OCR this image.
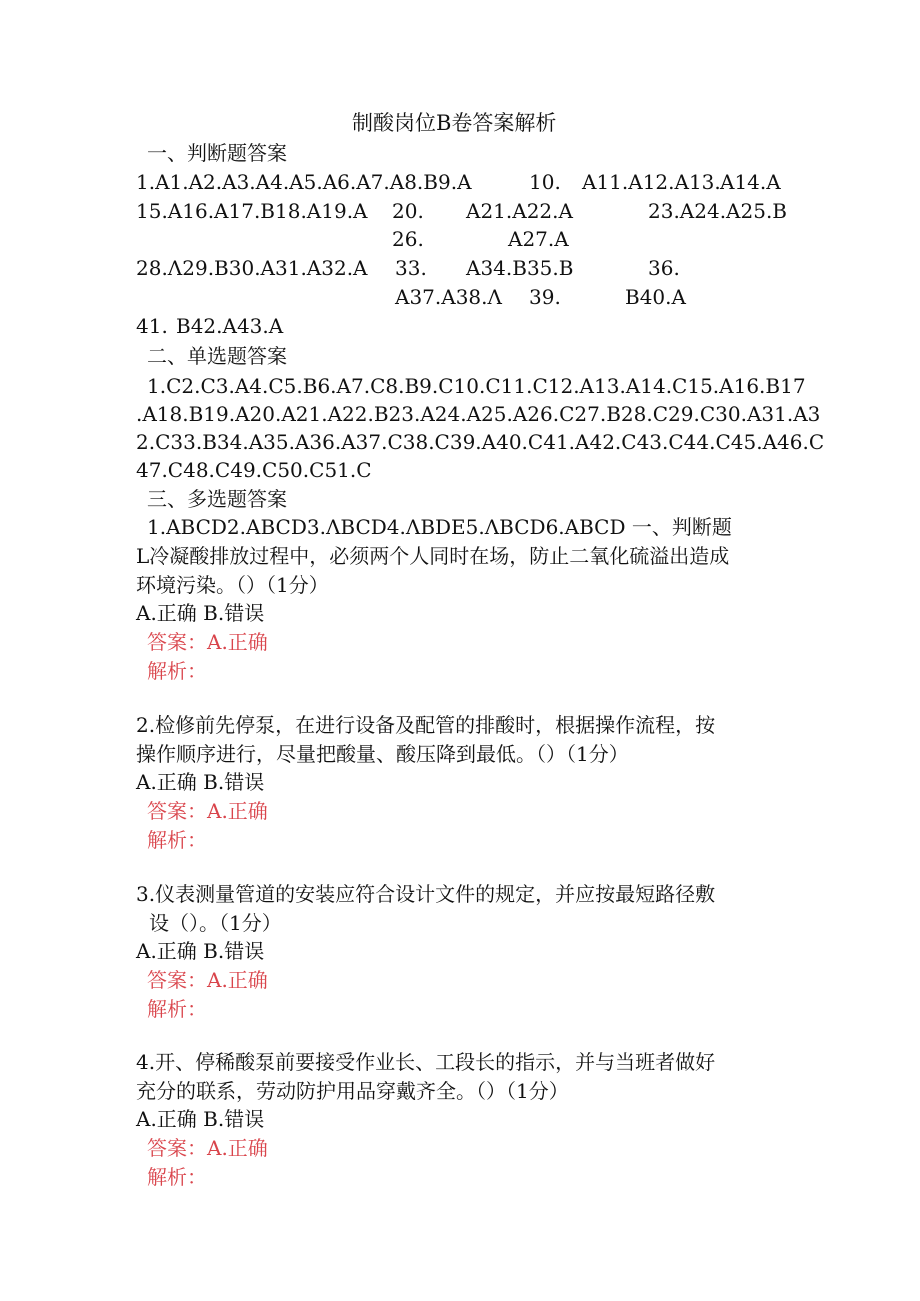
制酸岗位B卷答案解析
一、判断题答案
1.A1.A2.A3.A4.A5.A6.A7.A8.B9.A	10. A11.A12.A13. A14.A
15.A16.A17.B18.A19.A 20. A21.A22.A	23.A24.A25.B
26.	A27.A
28.Λ29.B30.A31.A32.A 33. A34.B35.B	36.
A37.A38.Λ 39.	B40.A
41. B42.A43.A
二、单选题答案
1.C2.C3.A4.C5.B6.A7.C8.B9.C10.C11.C12.A13.A14.C15.A16.B17
.A18.B19.A20.A21.A22.B23.A24.A25.A26.C27.B28.C29.C30.A31.A3
2.C33.B34.A35.A36.A37.C38.C39.A40.C41.A42.C43.C44.C45.A46.C
47.C48.C49.C50.C51.C
三、多选题答案
1.ABCD2.ABCD3.ΛBCD4.ΛBDE5.ΛBCD6.ABCD 一、判断题
L冷凝酸排放过程中，必须两个人同时在场，防止二氧化硫溢出造成
环境污染。（）（1分）
A.正确 B.错误
答案：A.正确
解析：
2.检修前先停泵，在进行设备及配管的排酸时，根据操作流程，按
操作顺序进行，尽量把酸量、酸压降到最低。（）（1分）
A.正确 B.错误
答案：A.正确
解析：
3.仪表测量管道的安装应符合设计文件的规定，并应按最短路径敷
设（）。（1分）
A.正确 B.错误
答案：A.正确
解析：
4.开、停稀酸泵前要接受作业长、工段长的指示，并与当班者做好
充分的联系，劳动防护用品穿戴齐全。（）（1分）
A.正确 B.错误
答案：A.正确
解析：
